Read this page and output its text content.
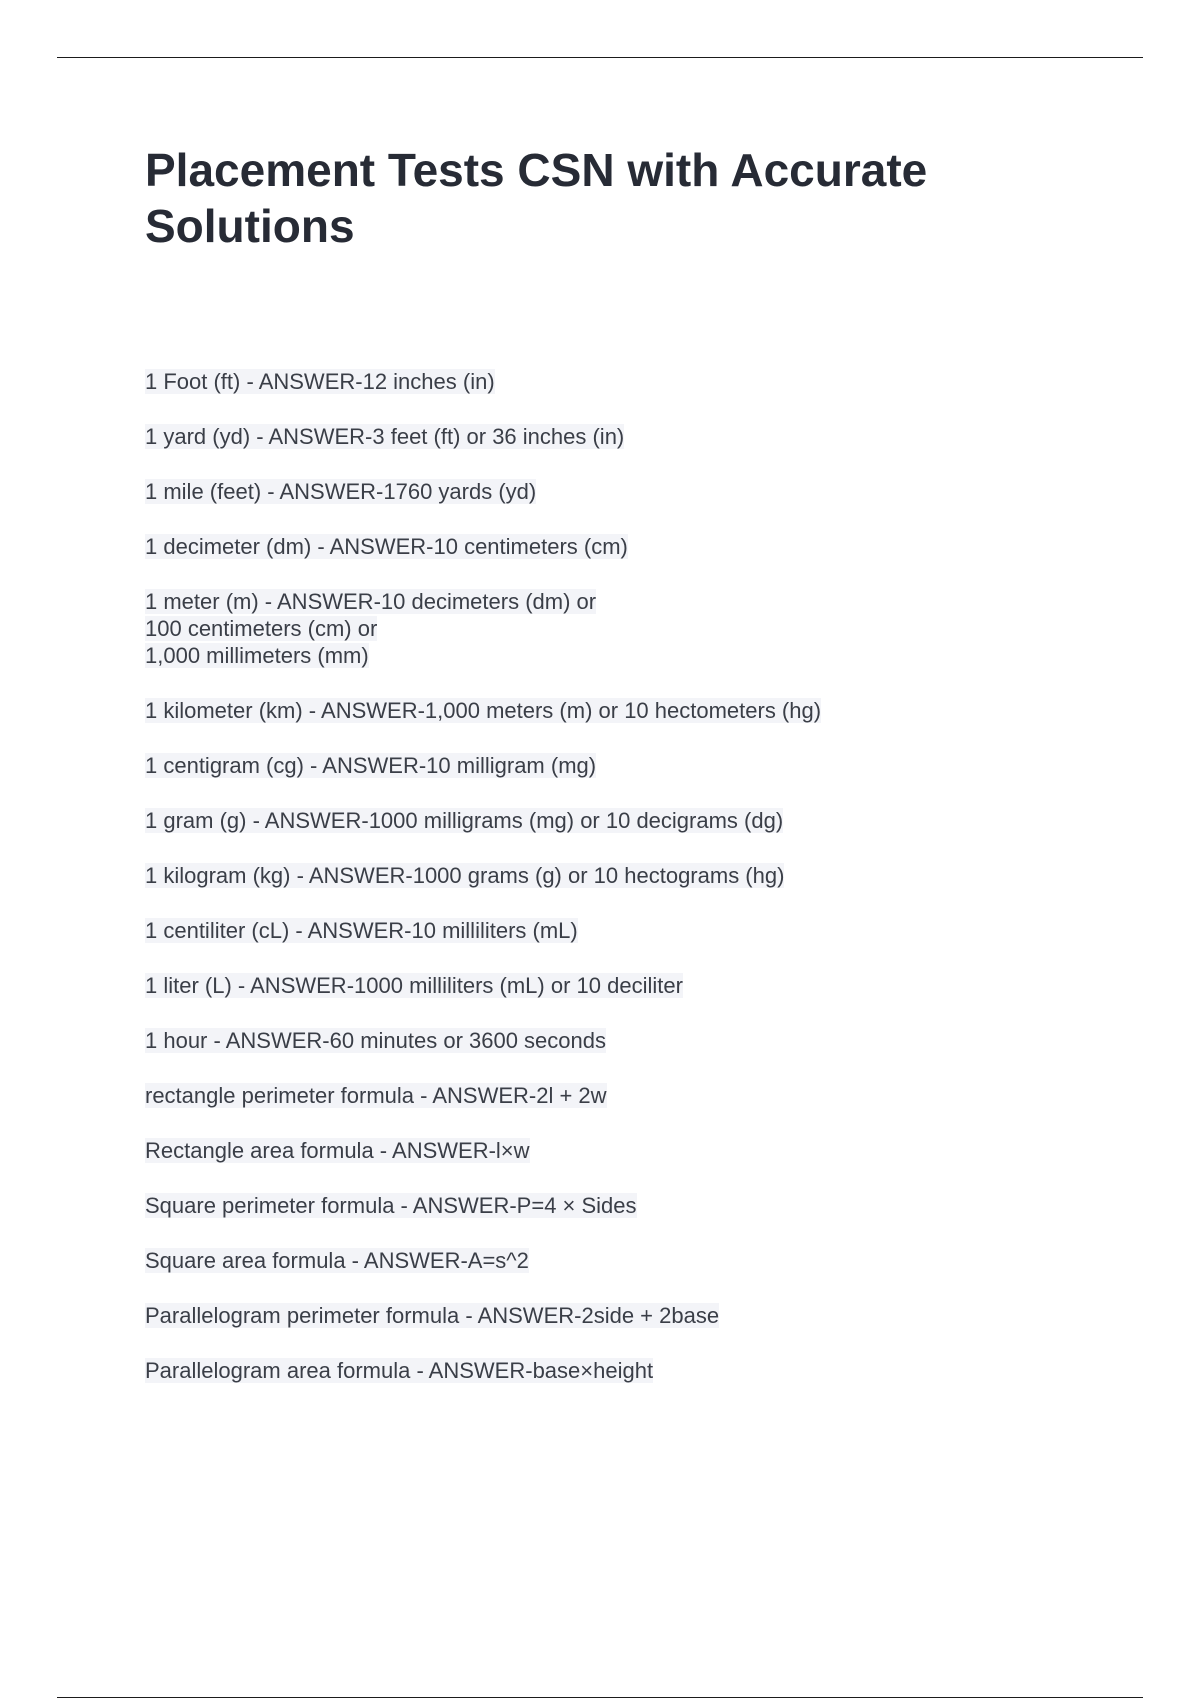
Placement Tests CSN with Accurate Solutions
1 Foot (ft) - ANSWER-12 inches (in)
1 yard (yd) - ANSWER-3 feet (ft) or 36 inches (in)
1 mile (feet) - ANSWER-1760 yards (yd)
1 decimeter (dm) - ANSWER-10 centimeters (cm)
1 meter (m) - ANSWER-10 decimeters (dm) or
100 centimeters (cm) or
1,000 millimeters (mm)
1 kilometer (km) - ANSWER-1,000 meters (m) or 10 hectometers (hg)
1 centigram (cg) - ANSWER-10 milligram (mg)
1 gram (g) - ANSWER-1000 milligrams (mg) or 10 decigrams (dg)
1 kilogram (kg) - ANSWER-1000 grams (g) or 10 hectograms (hg)
1 centiliter (cL) - ANSWER-10 milliliters (mL)
1 liter (L) - ANSWER-1000 milliliters (mL) or 10 deciliter
1 hour - ANSWER-60 minutes or 3600 seconds
rectangle perimeter formula - ANSWER-2l + 2w
Rectangle area formula - ANSWER-l×w
Square perimeter formula - ANSWER-P=4 × Sides
Square area formula - ANSWER-A=s^2
Parallelogram perimeter formula - ANSWER-2side + 2base
Parallelogram area formula - ANSWER-base×height
